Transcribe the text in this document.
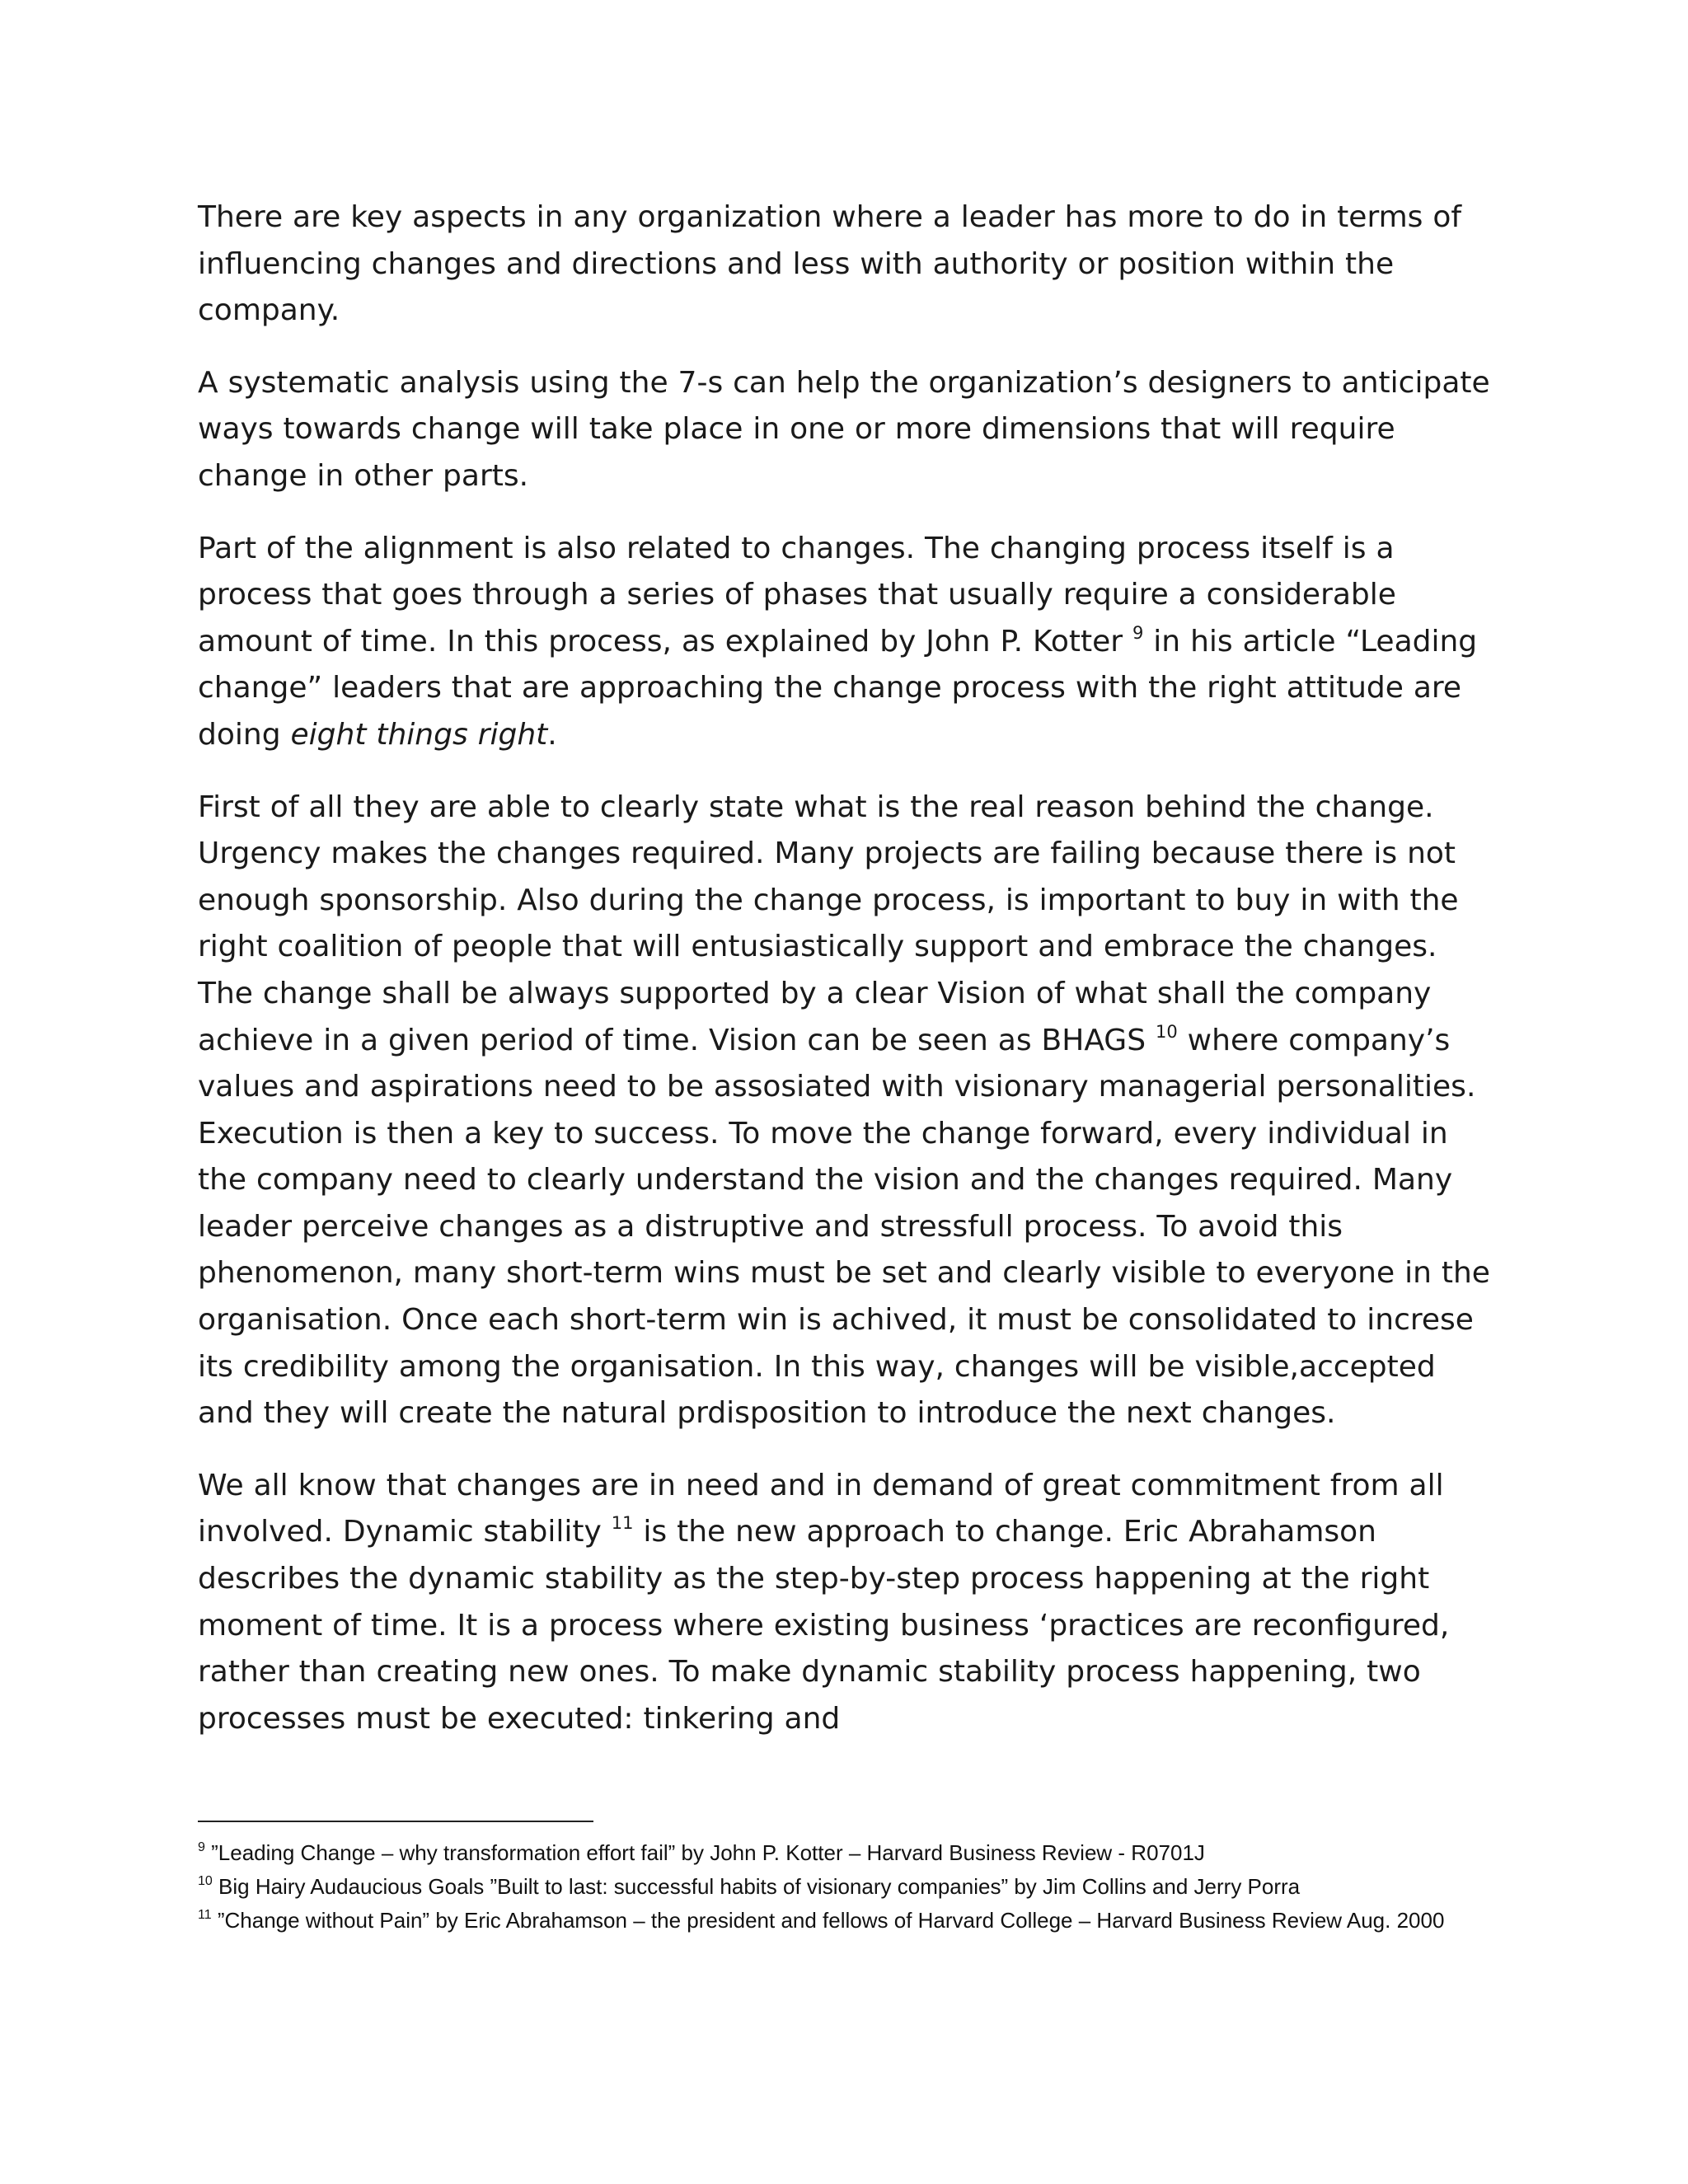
There are key aspects in any organization where a leader has more to do in terms of influencing changes and directions and less with authority or position within the company.

A systematic analysis using the 7-s can help the organization’s designers to anticipate ways towards change will take place in one or more dimensions that will require change in other parts.

Part of the alignment is also related to changes. The changing process itself is a process that goes through a series of phases that usually require a considerable amount of time. In this process, as explained by John P. Kotter $^9$ in his article “Leading change” leaders that are approaching the change process with the right attitude are doing eight things right.

First of all they are able to clearly state what is the real reason behind the change. Urgency makes the changes required. Many projects are failing because there is not enough sponsorship. Also during the change process, is important to buy in with the right coalition of people that will entusiastically support and embrace the changes. The change shall be always supported by a clear Vision of what shall the company achieve in a given period of time. Vision can be seen as BHAGS $^{10}$ where company’s values and aspirations need to be assosiated with visionary managerial personalities. Execution is then a key to success. To move the change forward, every individual in the company need to clearly understand the vision and the changes required. Many leader perceive changes as a distruptive and stressfull process. To avoid this phenomenon, many short-term wins must be set and clearly visible to everyone in the organisation. Once each short-term win is achived, it must be consolidated to increse its credibility among the organisation. In this way, changes will be visible,accepted and they will create the natural prdisposition to introduce the next changes.

We all know that changes are in need and in demand of great commitment from all involved. Dynamic stability $^{11}$ is the new approach to change. Eric Abrahamson describes the dynamic stability as the step-by-step process happening at the right moment of time. It is a process where existing business ‘practices are reconfigured, rather than creating new ones. To make dynamic stability process happening, two processes must be executed: tinkering and

$^9$ ”Leading Change – why transformation effort fail” by John P. Kotter – Harvard Business Review - R0701J

$^{10}$ Big Hairy Audaucious Goals ”Built to last: successful habits of visionary companies” by Jim Collins and Jerry Porra

$^{11}$ ”Change without Pain” by Eric Abrahamson – the president and fellows of Harvard College – Harvard Business Review Aug. 2000
